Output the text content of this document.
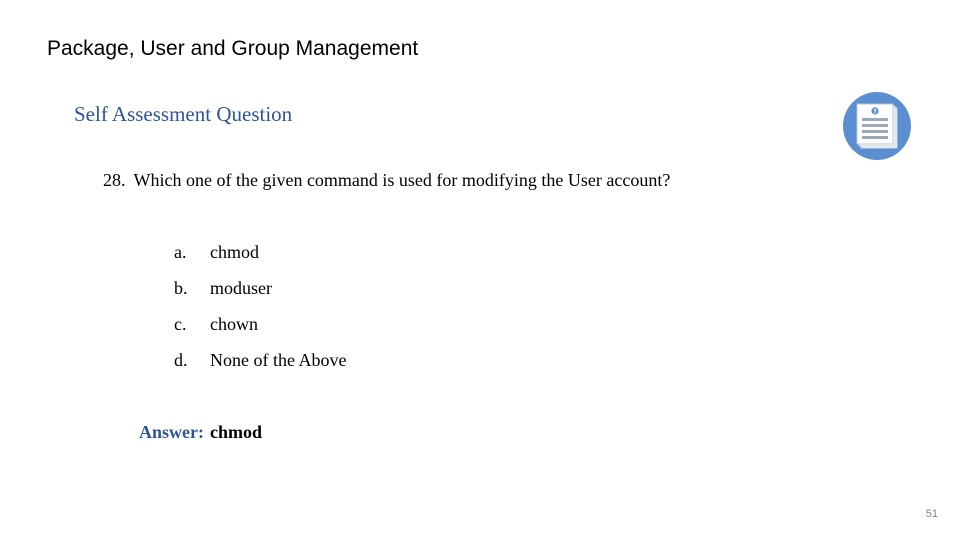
Package, User and Group Management
Self Assessment Question	?
28. Which one of the given command is used for modifying the User account?
a. chmod
b. moduser
c. chown
d. None of the Above
Answer: chmod
51
